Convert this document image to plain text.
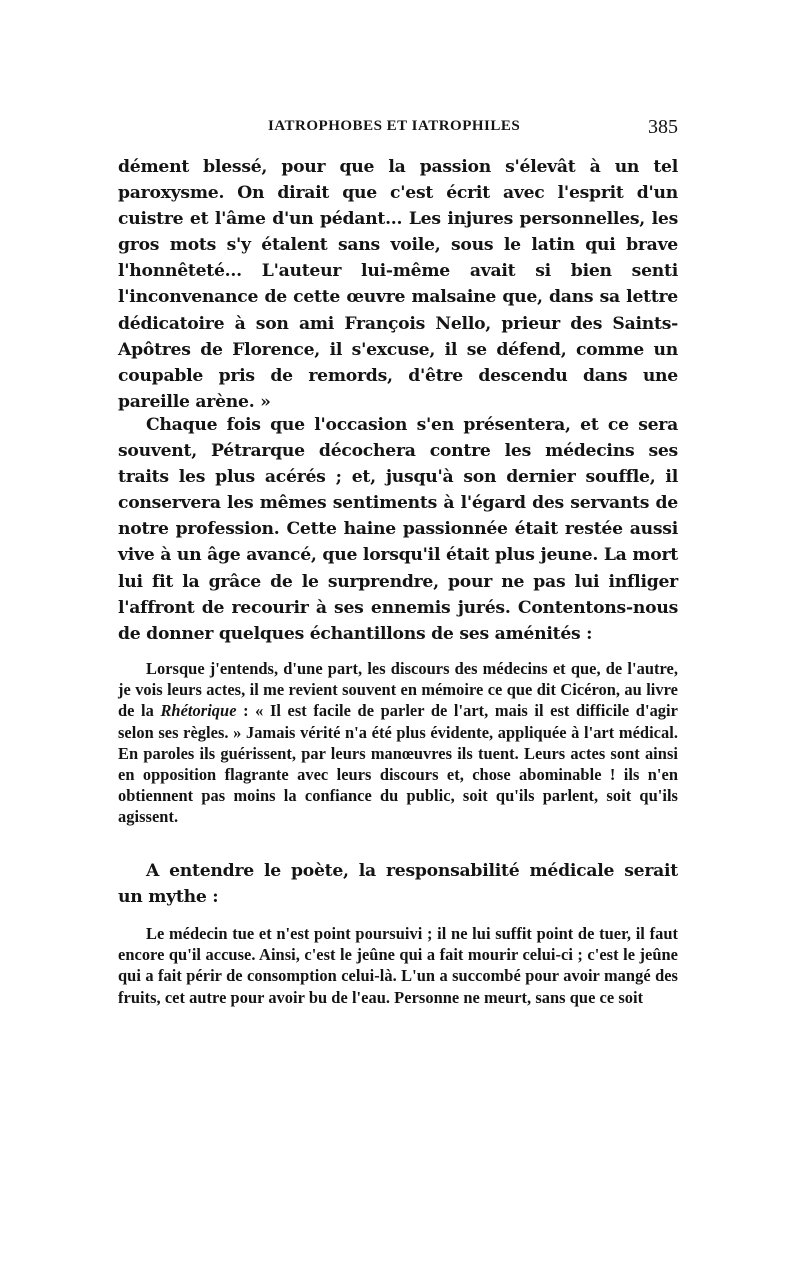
IATROPHOBES ET IATROPHILES	385

dément blessé, pour que la passion s'élevât à un tel paroxysme. On dirait que c'est écrit avec l'esprit d'un cuistre et l'âme d'un pédant... Les injures personnelles, les gros mots s'y étalent sans voile, sous le latin qui brave l'honnêteté... L'auteur lui-même avait si bien senti l'inconvenance de cette œuvre malsaine que, dans sa lettre dédicatoire à son ami François Nello, prieur des Saints-Apôtres de Florence, il s'excuse, il se défend, comme un coupable pris de remords, d'être descendu dans une pareille arène. »

Chaque fois que l'occasion s'en présentera, et ce sera souvent, Pétrarque décochera contre les médecins ses traits les plus acérés ; et, jusqu'à son dernier souffle, il conservera les mêmes sentiments à l'égard des servants de notre profession. Cette haine passionnée était restée aussi vive à un âge avancé, que lorsqu'il était plus jeune. La mort lui fit la grâce de le surprendre, pour ne pas lui infliger l'affront de recourir à ses ennemis jurés. Contentons-nous de donner quelques échantillons de ses aménités :

Lorsque j'entends, d'une part, les discours des médecins et que, de l'autre, je vois leurs actes, il me revient souvent en mémoire ce que dit Cicéron, au livre de la Rhétorique : « Il est facile de parler de l'art, mais il est difficile d'agir selon ses règles. » Jamais vérité n'a été plus évidente, appliquée à l'art médical. En paroles ils guérissent, par leurs manœuvres ils tuent. Leurs actes sont ainsi en opposition flagrante avec leurs discours et, chose abominable ! ils n'en obtiennent pas moins la confiance du public, soit qu'ils parlent, soit qu'ils agissent.

A entendre le poète, la responsabilité médicale serait un mythe :

Le médecin tue et n'est point poursuivi ; il ne lui suffit point de tuer, il faut encore qu'il accuse. Ainsi, c'est le jeûne qui a fait mourir celui-ci ; c'est le jeûne qui a fait périr de consomption celui-là. L'un a succombé pour avoir mangé des fruits, cet autre pour avoir bu de l'eau. Personne ne meurt, sans que ce soit
